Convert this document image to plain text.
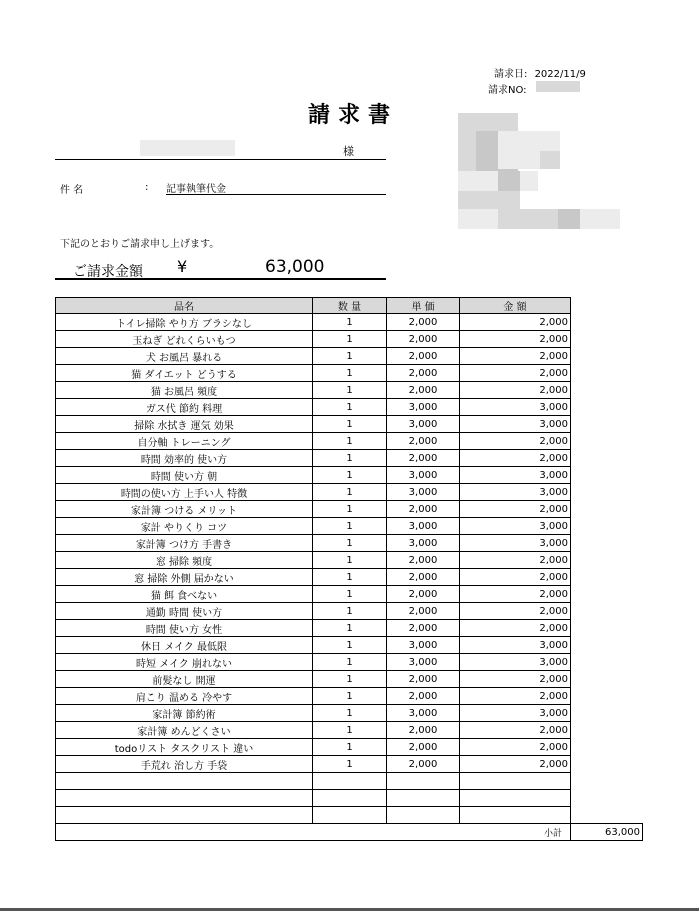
請求日: 2022/11/9
請求NO:
請求書
様
件 名	: 記事執筆代金
下記のとおりご請求申し上げます。
ご請求金額 ¥	63,000
品名	数 量	単 価	金 額	
トイレ掃除 やり方 ブラシなし	1	2,000	2,000	
玉ねぎ どれくらいもつ	1	2,000	2,000	
犬 お風呂 暴れる	1	2,000	2,000	
猫 ダイエット どうする	1	2,000	2,000	
猫 お風呂 頻度	1	2,000	2,000	
ガス代 節約 料理	1	3,000	3,000	
掃除 水拭き 運気 効果	1	3,000	3,000	
自分軸 トレーニング	1	2,000	2,000	
時間 効率的 使い方	1	2,000	2,000	
時間 使い方 朝	1	3,000	3,000	
時間の使い方 上手い人 特徴	1	3,000	3,000	
家計簿 つける メリット	1	2,000	2,000	
家計 やりくり コツ	1	3,000	3,000	
家計簿 つけ方 手書き	1	3,000	3,000	
窓 掃除 頻度	1	2,000	2,000	
窓 掃除 外側 届かない	1	2,000	2,000	
猫 餌 食べない	1	2,000	2,000	
通勤 時間 使い方	1	2,000	2,000	
時間 使い方 女性	1	2,000	2,000	
休日 メイク 最低限	1	3,000	3,000	
時短 メイク 崩れない	1	3,000	3,000	
前髪なし 開運	1	2,000	2,000	
肩こり 温める 冷やす	1	2,000	2,000	
家計簿 節約術	1	3,000	3,000	
家計簿 めんどくさい	1	2,000	2,000	
todoリスト タスクリスト 違い	1	2,000	2,000	
手荒れ 治し方 手袋	1	2,000	2,000	

			小計	63,000
